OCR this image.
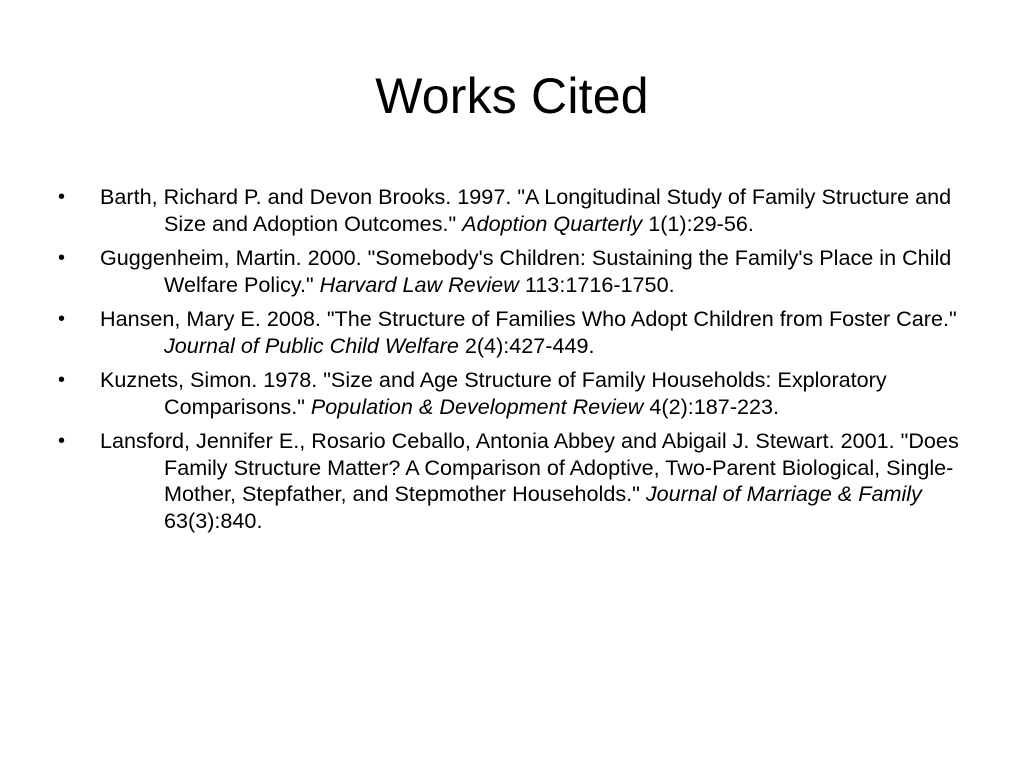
Works Cited
•	Barth, Richard P. and Devon Brooks. 1997. "A Longitudinal Study of Family Structure and Size and Adoption Outcomes." Adoption Quarterly 1(1):29-56.
•	Guggenheim, Martin. 2000. "Somebody's Children: Sustaining the Family's Place in Child Welfare Policy." Harvard Law Review 113:1716-1750.
•	Hansen, Mary E. 2008. "The Structure of Families Who Adopt Children from Foster Care." Journal of Public Child Welfare 2(4):427-449.
•	Kuznets, Simon. 1978. "Size and Age Structure of Family Households: Exploratory Comparisons." Population & Development Review 4(2):187-223.
•	Lansford, Jennifer E., Rosario Ceballo, Antonia Abbey and Abigail J. Stewart. 2001. "Does Family Structure Matter? A Comparison of Adoptive, Two-Parent Biological, Single-Mother, Stepfather, and Stepmother Households." Journal of Marriage & Family 63(3):840.
